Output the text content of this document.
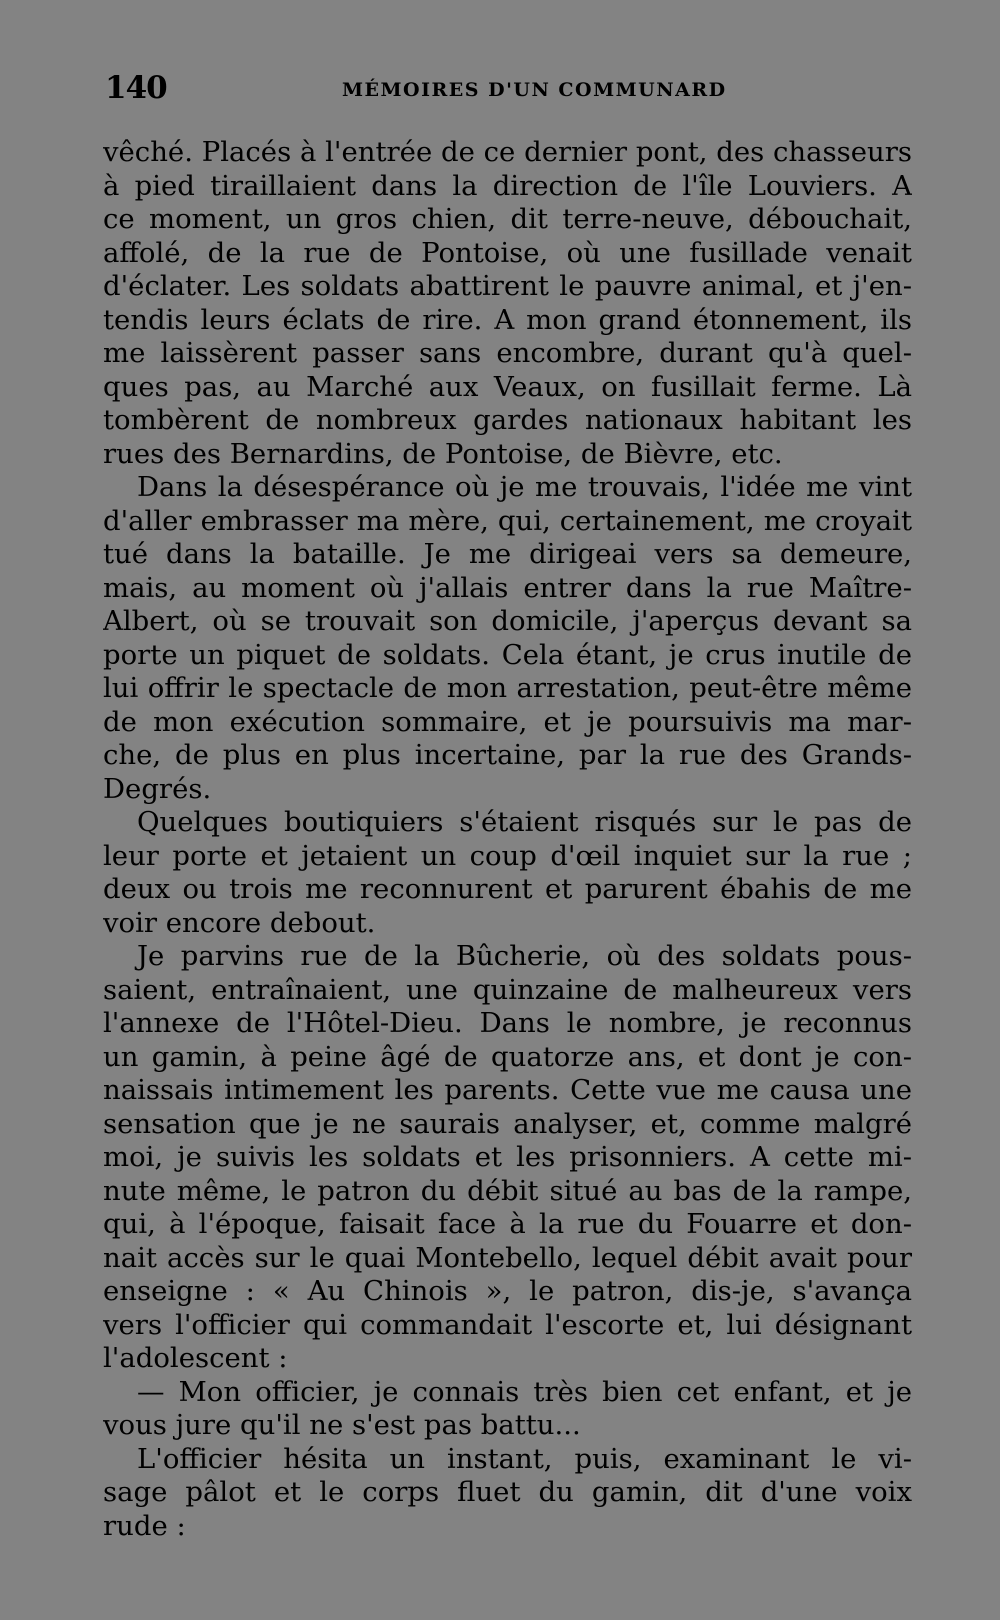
140	MÉMOIRES D'UN COMMUNARD
vêché. Placés à l'entrée de ce dernier pont, des chasseurs
à pied tiraillaient dans la direction de l'île Louviers. A
ce moment, un gros chien, dit terre-neuve, débouchait,
affolé, de la rue de Pontoise, où une fusillade venait
d'éclater. Les soldats abattirent le pauvre animal, et j'en-
tendis leurs éclats de rire. A mon grand étonnement, ils
me laissèrent passer sans encombre, durant qu'à quel-
ques pas, au Marché aux Veaux, on fusillait ferme. Là
tombèrent de nombreux gardes nationaux habitant les
rues des Bernardins, de Pontoise, de Bièvre, etc.
Dans la désespérance où je me trouvais, l'idée me vint
d'aller embrasser ma mère, qui, certainement, me croyait
tué dans la bataille. Je me dirigeai vers sa demeure,
mais, au moment où j'allais entrer dans la rue Maître-
Albert, où se trouvait son domicile, j'aperçus devant sa
porte un piquet de soldats. Cela étant, je crus inutile de
lui offrir le spectacle de mon arrestation, peut-être même
de mon exécution sommaire, et je poursuivis ma mar-
che, de plus en plus incertaine, par la rue des Grands-
Degrés.
Quelques boutiquiers s'étaient risqués sur le pas de
leur porte et jetaient un coup d'œil inquiet sur la rue ;
deux ou trois me reconnurent et parurent ébahis de me
voir encore debout.
Je parvins rue de la Bûcherie, où des soldats pous-
saient, entraînaient, une quinzaine de malheureux vers
l'annexe de l'Hôtel-Dieu. Dans le nombre, je reconnus
un gamin, à peine âgé de quatorze ans, et dont je con-
naissais intimement les parents. Cette vue me causa une
sensation que je ne saurais analyser, et, comme malgré
moi, je suivis les soldats et les prisonniers. A cette mi-
nute même, le patron du débit situé au bas de la rampe,
qui, à l'époque, faisait face à la rue du Fouarre et don-
nait accès sur le quai Montebello, lequel débit avait pour
enseigne : « Au Chinois », le patron, dis-je, s'avança
vers l'officier qui commandait l'escorte et, lui désignant
l'adolescent :
— Mon officier, je connais très bien cet enfant, et je
vous jure qu'il ne s'est pas battu...
L'officier hésita un instant, puis, examinant le vi-
sage pâlot et le corps fluet du gamin, dit d'une voix
rude :
